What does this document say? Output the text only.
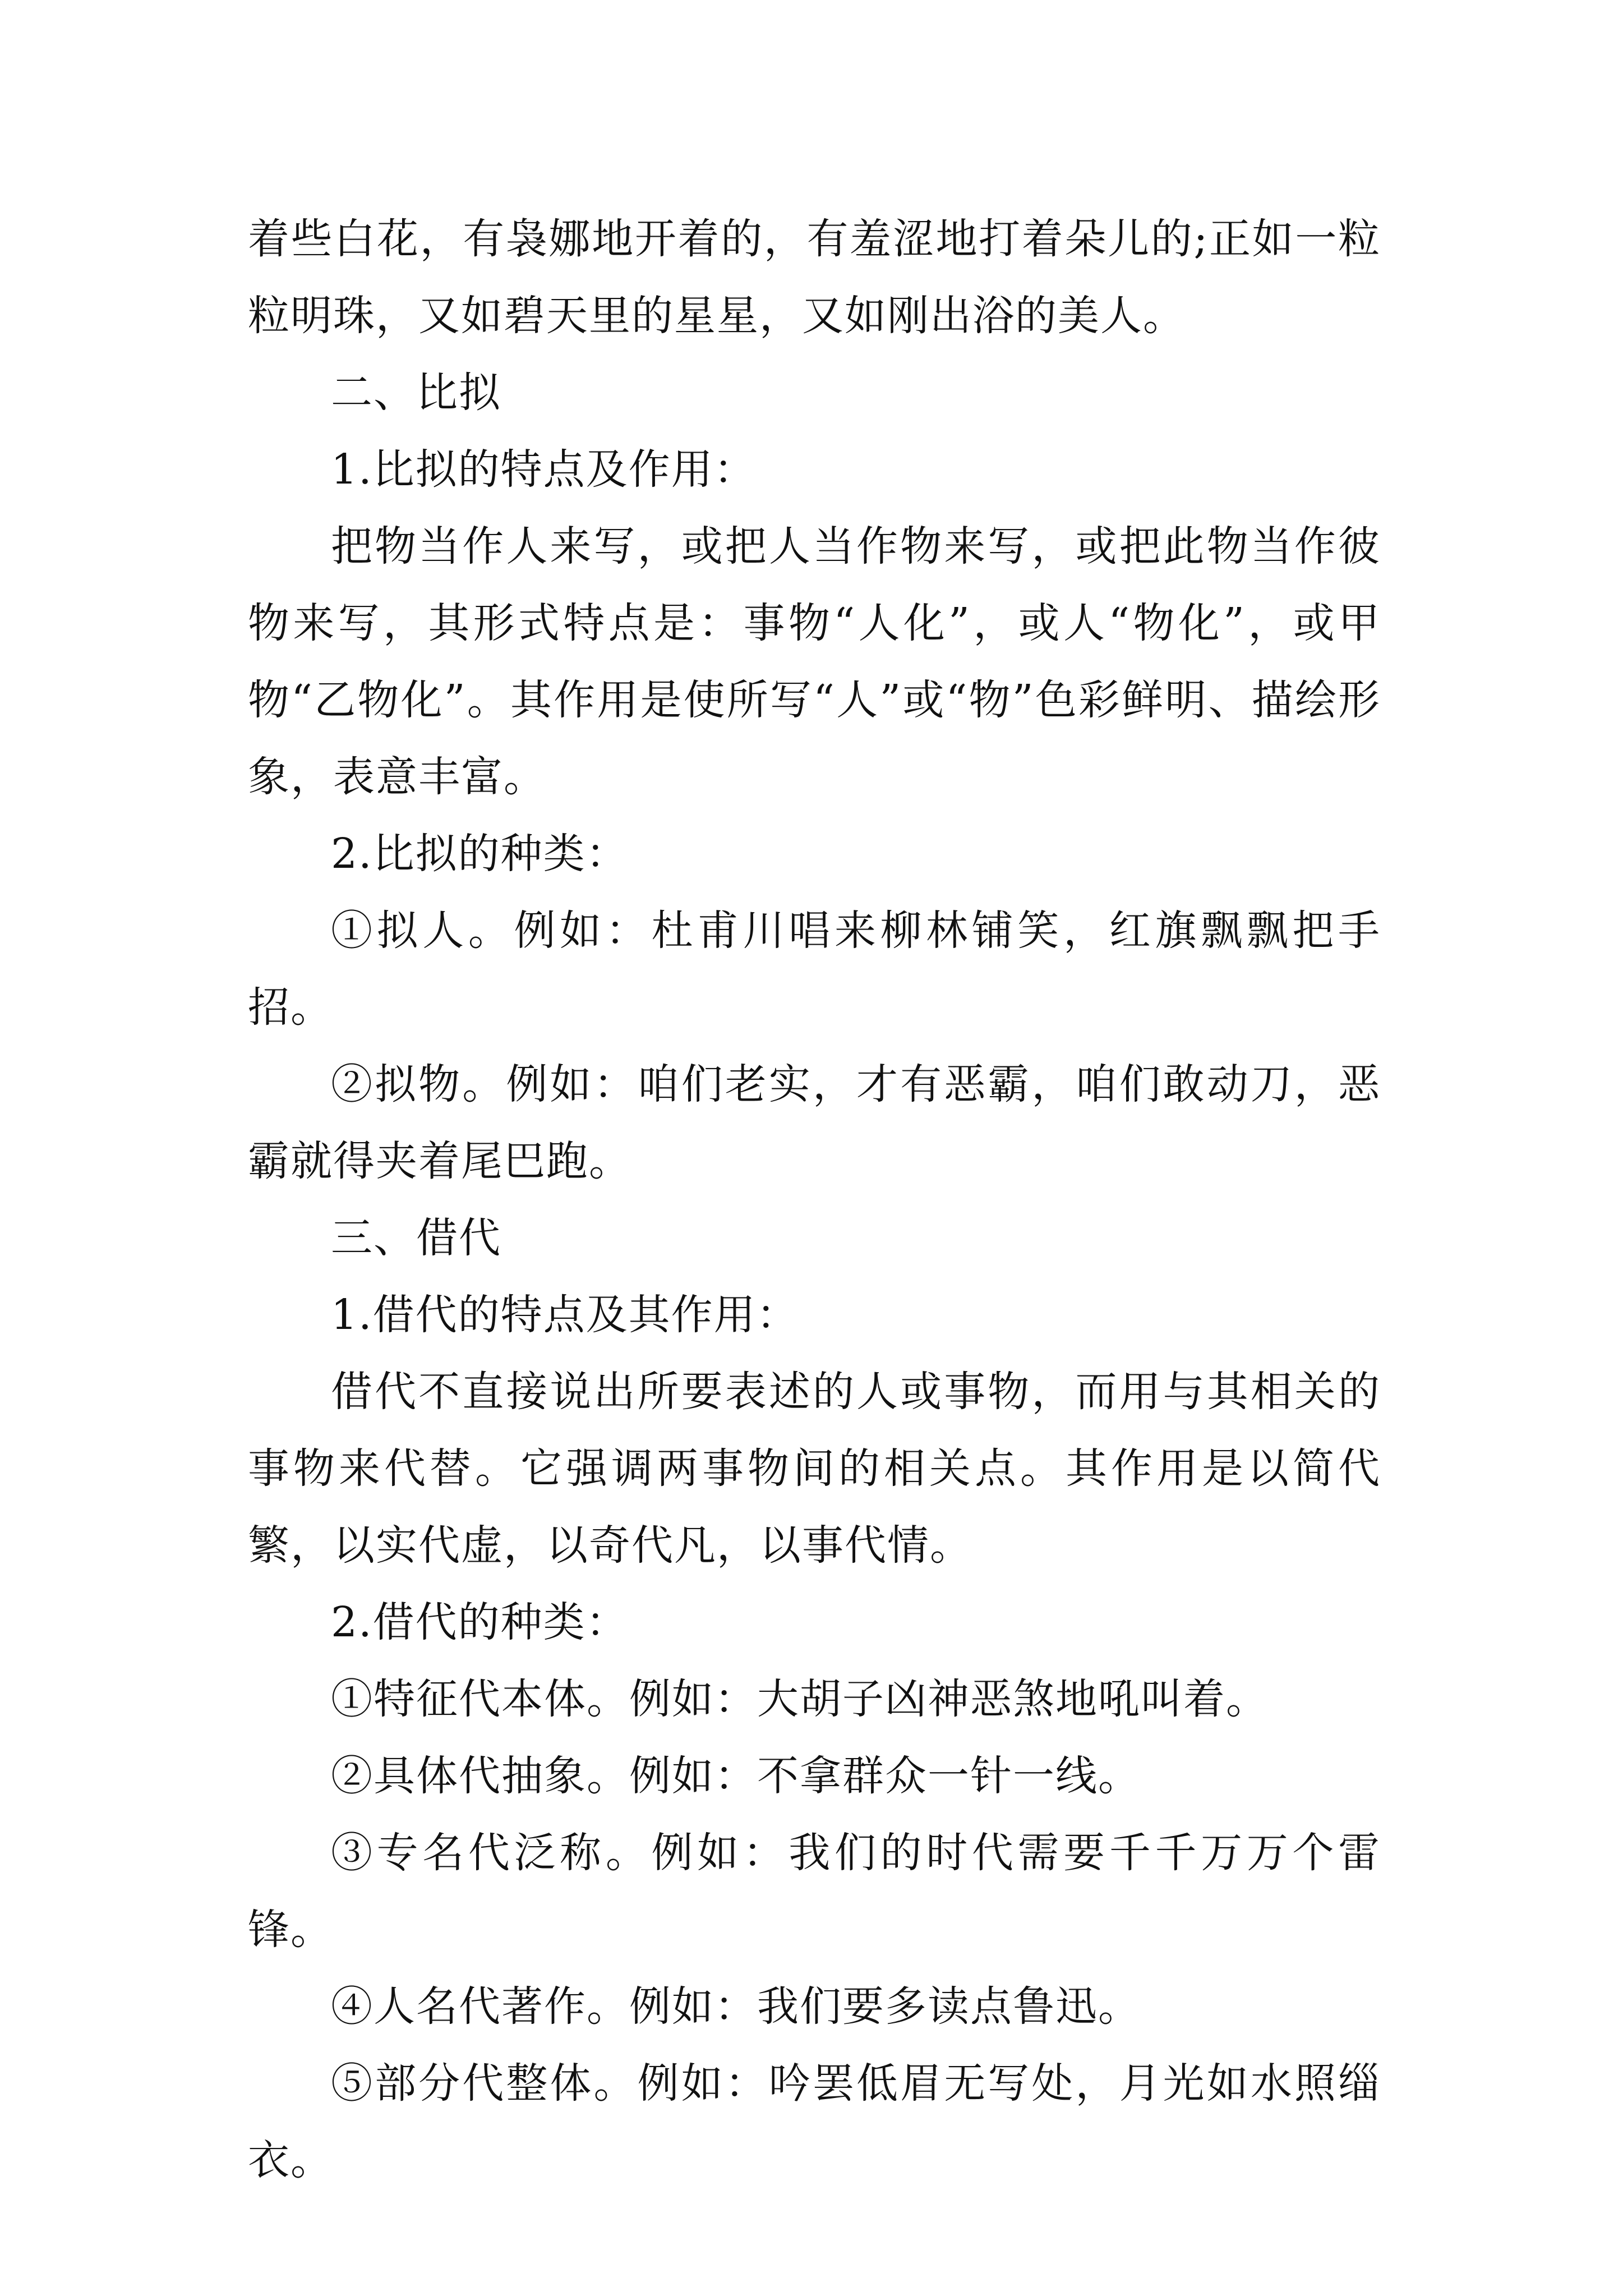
着些白花，有袅娜地开着的，有羞涩地打着朵儿的;正如一粒粒明珠，又如碧天里的星星，又如刚出浴的美人。

二、比拟

1.比拟的特点及作用：

把物当作人来写，或把人当作物来写，或把此物当作彼物来写，其形式特点是：事物“人化”，或人“物化”，或甲物“乙物化”。其作用是使所写“人”或“物”色彩鲜明、描绘形象，表意丰富。

2.比拟的种类：

①拟人。例如：杜甫川唱来柳林铺笑，红旗飘飘把手招。

②拟物。例如：咱们老实，才有恶霸，咱们敢动刀，恶霸就得夹着尾巴跑。

三、借代

1.借代的特点及其作用：

借代不直接说出所要表述的人或事物，而用与其相关的事物来代替。它强调两事物间的相关点。其作用是以简代繁，以实代虚，以奇代凡，以事代情。

2.借代的种类：

①特征代本体。例如：大胡子凶神恶煞地吼叫着。

②具体代抽象。例如：不拿群众一针一线。

③专名代泛称。例如：我们的时代需要千千万万个雷锋。

④人名代著作。例如：我们要多读点鲁迅。

⑤部分代整体。例如：吟罢低眉无写处，月光如水照缁衣。
